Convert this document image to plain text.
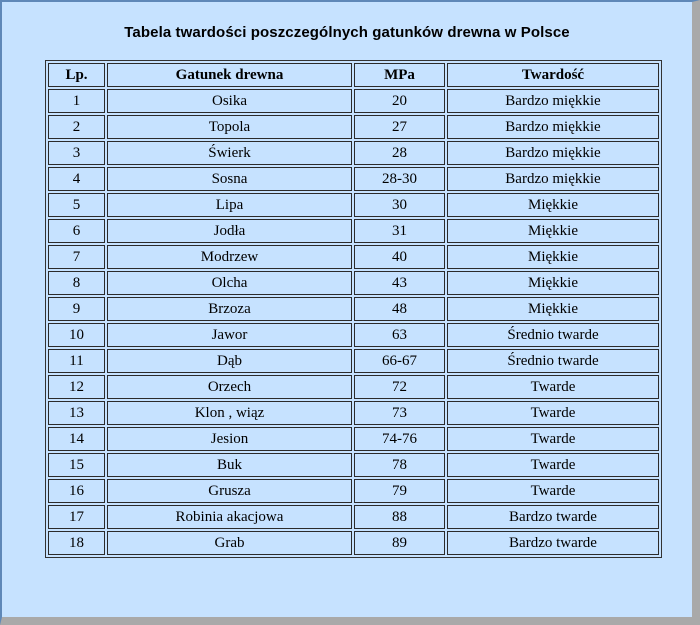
Tabela twardości poszczególnych gatunków drewna w Polsce
Lp.	Gatunek drewna	MPa	Twardość
1	Osika	20	Bardzo miękkie
2	Topola	27	Bardzo miękkie
3	Świerk	28	Bardzo miękkie
4	Sosna	28-30	Bardzo miękkie
5	Lipa	30	Miękkie
6	Jodła	31	Miękkie
7	Modrzew	40	Miękkie
8	Olcha	43	Miękkie
9	Brzoza	48	Miękkie
10	Jawor	63	Średnio twarde
11	Dąb	66-67	Średnio twarde
12	Orzech	72	Twarde
13	Klon , wiąz	73	Twarde
14	Jesion	74-76	Twarde
15	Buk	78	Twarde
16	Grusza	79	Twarde
17	Robinia akacjowa	88	Bardzo twarde
18	Grab	89	Bardzo twarde
